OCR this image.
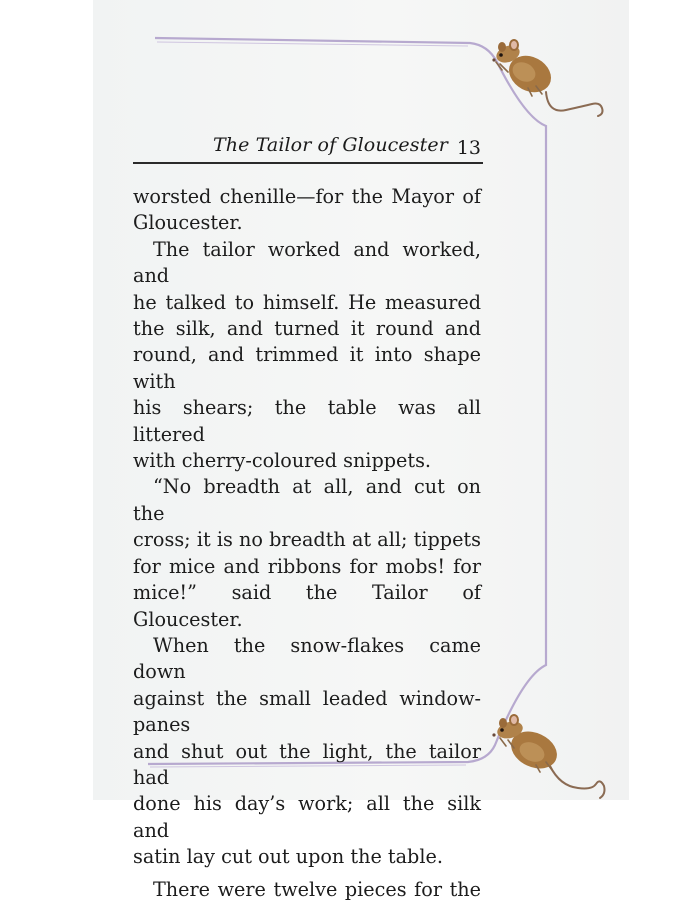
The Tailor of Gloucester 13

worsted chenille—for the Mayor of

Gloucester.

The tailor worked and worked, and

he talked to himself. He measured

the silk, and turned it round and

round, and trimmed it into shape with

his shears; the table was all littered

with cherry-coloured snippets.

“No breadth at all, and cut on the

cross; it is no breadth at all; tippets

for mice and ribbons for mobs! for

mice!” said the Tailor of Gloucester.

When the snow-flakes came down

against the small leaded window-panes

and shut out the light, the tailor had

done his day’s work; all the silk and

satin lay cut out upon the table.

There were twelve pieces for the
